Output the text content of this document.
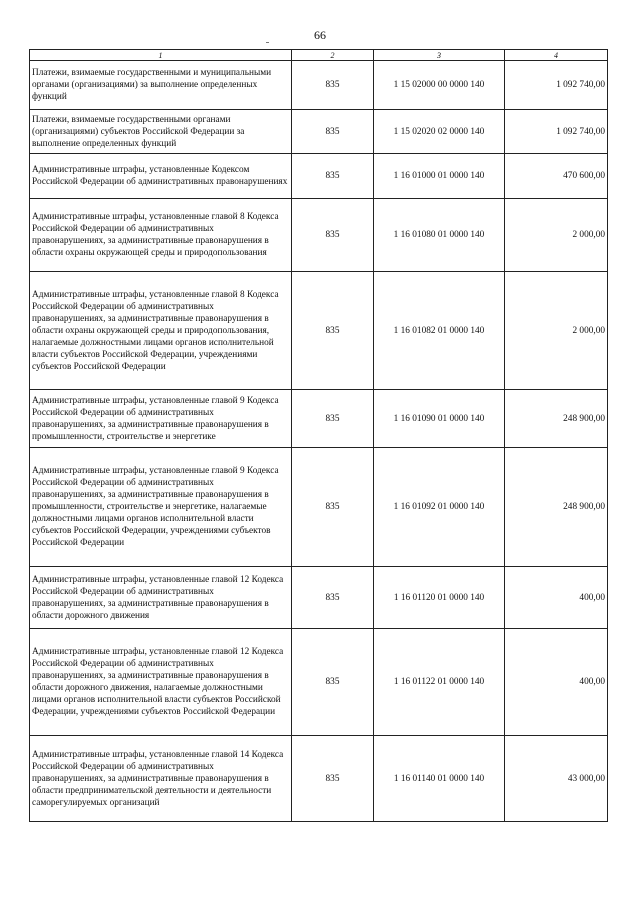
66
1	2	3	4
Платежи, взимаемые государственными и муниципальными органами (организациями) за выполнение определенных функций	835	1 15 02000 00 0000 140	1 092 740,00
Платежи, взимаемые государственными органами (организациями) субъектов Российской Федерации за выполнение определенных функций	835	1 15 02020 02 0000 140	1 092 740,00
Административные штрафы, установленные Кодексом Российской Федерации об административных правонарушениях	835	1 16 01000 01 0000 140	470 600,00
Административные штрафы, установленные главой 8 Кодекса Российской Федерации об административных правонарушениях, за административные правонарушения в области охраны окружающей среды и природопользования	835	1 16 01080 01 0000 140	2 000,00
Административные штрафы, установленные главой 8 Кодекса Российской Федерации об административных правонарушениях, за административные правонарушения в области охраны окружающей среды и природопользования, налагаемые должностными лицами органов исполнительной власти субъектов Российской Федерации, учреждениями субъектов Российской Федерации	835	1 16 01082 01 0000 140	2 000,00
Административные штрафы, установленные главой 9 Кодекса Российской Федерации об административных правонарушениях, за административные правонарушения в промышленности, строительстве и энергетике	835	1 16 01090 01 0000 140	248 900,00
Административные штрафы, установленные главой 9 Кодекса Российской Федерации об административных правонарушениях, за административные правонарушения в промышленности, строительстве и энергетике, налагаемые должностными лицами органов исполнительной власти субъектов Российской Федерации, учреждениями субъектов Российской Федерации	835	1 16 01092 01 0000 140	248 900,00
Административные штрафы, установленные главой 12 Кодекса Российской Федерации об административных правонарушениях, за административные правонарушения в области дорожного движения	835	1 16 01120 01 0000 140	400,00
Административные штрафы, установленные главой 12 Кодекса Российской Федерации об административных правонарушениях, за административные правонарушения в области дорожного движения, налагаемые должностными лицами органов исполнительной власти субъектов Российской Федерации, учреждениями субъектов Российской Федерации	835	1 16 01122 01 0000 140	400,00
Административные штрафы, установленные главой 14 Кодекса Российской Федерации об административных правонарушениях, за административные правонарушения в области предпринимательской деятельности и деятельности саморегулируемых организаций	835	1 16 01140 01 0000 140	43 000,00
